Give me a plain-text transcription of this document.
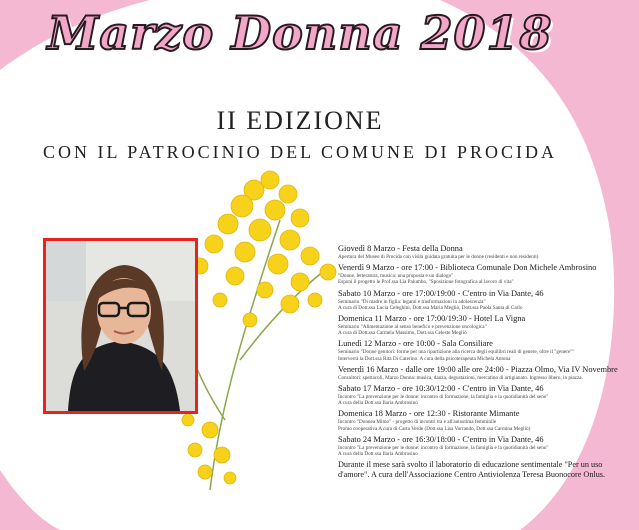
Marzo Donna 2018
II EDIZIONE
CON IL PATROCINIO DEL COMUNE DI PROCIDA
Giovedì 8 Marzo - Festa della Donna
Apertura del Museo di Procida con visita guidata gratuita per le donne (residenti e non residenti)
Venerdì 9 Marzo - ore 17:00 - Biblioteca Comunale Don Michele Ambrosino
"Donne, letteratura, musica: una proposta e un dialogo"
Esponi il progetto le Prof.ssa Lia Palumbo, "Sposizione fotografica al lavoro di vita"
Sabato 10 Marzo - ore 17:00/19:00 - C'entro in Via Dante, 46
Seminario "Di madre in figlia: legami e trasformazioni in adolescenza"
A cura di Dott.ssa Lucia Celeghini, Dott.ssa Maria Megliò, Dott.ssa Paola Santa di Carlo
Domenica 11 Marzo - ore 17:00/19:30 - Hotel La Vigna
Seminario "Alimentazione al senso benefico e prevenzione oncologica"
A cura di Dott.ssa Carmela Massimo, Dott.ssa Celeste Megliò
Lunedì 12 Marzo - ore 10:00 - Sala Consiliare
Seminario "Donne genitori: forme per una ripartizione alla ricerca degli equilibri reali di genere, oltre il "genere""
Interverrà la Dott.ssa Rita Di Caterino. A cura della psicoterapeuta Michela Antona
Venerdì 16 Marzo - dalle ore 19:00 alle ore 24:00 - Piazza Olmo, Via IV Novembre
Consultori: spettacoli, Marzo Donna: musica, danza, degustazioni, mercatino di artigianato. Ingresso libero, in piazza.
Sabato 17 Marzo - ore 10:30/12:00 - C'entro in Via Dante, 46
Incontro "La prevenzione per le donne: incontro di formazione, la famiglia e la quotidianità del seno"
A cura della Dott.ssa Ilaria Ambrosino
Domenica 18 Marzo - ore 12:30 - Ristorante Mimante
Incontro "Donnea Mimo" - progetto di incontri tra e all'autostima femminile
Promo cooperativa A cura di Carta Verde (Dott.ssa Lisa Vorrando, Dott.ssa Carmina Megliò)
Sabato 24 Marzo - ore 16:30/18:00 - C'entro in Via Dante, 46
Incontro "La prevenzione per le donne: incontro di formazione, la famiglia e la quotidianità del seno"
A cura della Dott.ssa Ilaria Ambrosino
Durante il mese sarà svolto il laboratorio di educazione sentimentale "Per un uso
d'amore". A cura dell'Associazione Centro Antiviolenza Teresa Buonocore Onlus.
